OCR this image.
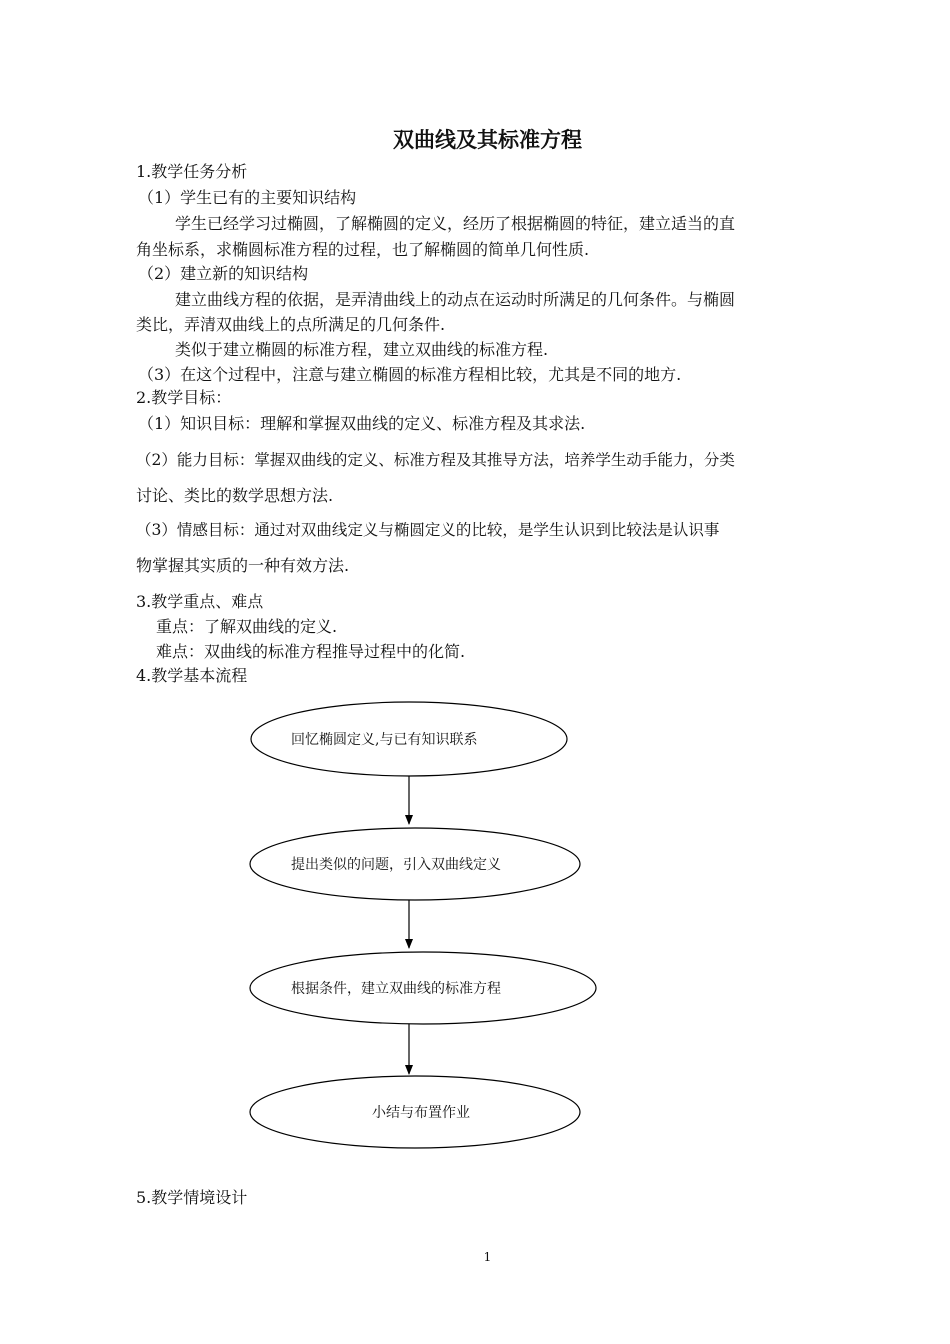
双曲线及其标准方程
1.教学任务分析
（1）学生已有的主要知识结构
学生已经学习过椭圆，了解椭圆的定义，经历了根据椭圆的特征，建立适当的直
角坐标系，求椭圆标准方程的过程，也了解椭圆的简单几何性质.
（2）建立新的知识结构
建立曲线方程的依据，是弄清曲线上的动点在运动时所满足的几何条件。与椭圆
类比，弄清双曲线上的点所满足的几何条件.
类似于建立椭圆的标准方程，建立双曲线的标准方程.
（3）在这个过程中，注意与建立椭圆的标准方程相比较，尤其是不同的地方.
2.教学目标：
（1）知识目标：理解和掌握双曲线的定义、标准方程及其求法.
（2）能力目标：掌握双曲线的定义、标准方程及其推导方法，培养学生动手能力，分类
讨论、类比的数学思想方法.
（3）情感目标：通过对双曲线定义与椭圆定义的比较，是学生认识到比较法是认识事
物掌握其实质的一种有效方法.
3.教学重点、难点
重点：了解双曲线的定义.
难点：双曲线的标准方程推导过程中的化简.
4.教学基本流程
回忆椭圆定义,与已有知识联系
提出类似的问题，引入双曲线定义
根据条件，建立双曲线的标准方程
小结与布置作业
5.教学情境设计
1
